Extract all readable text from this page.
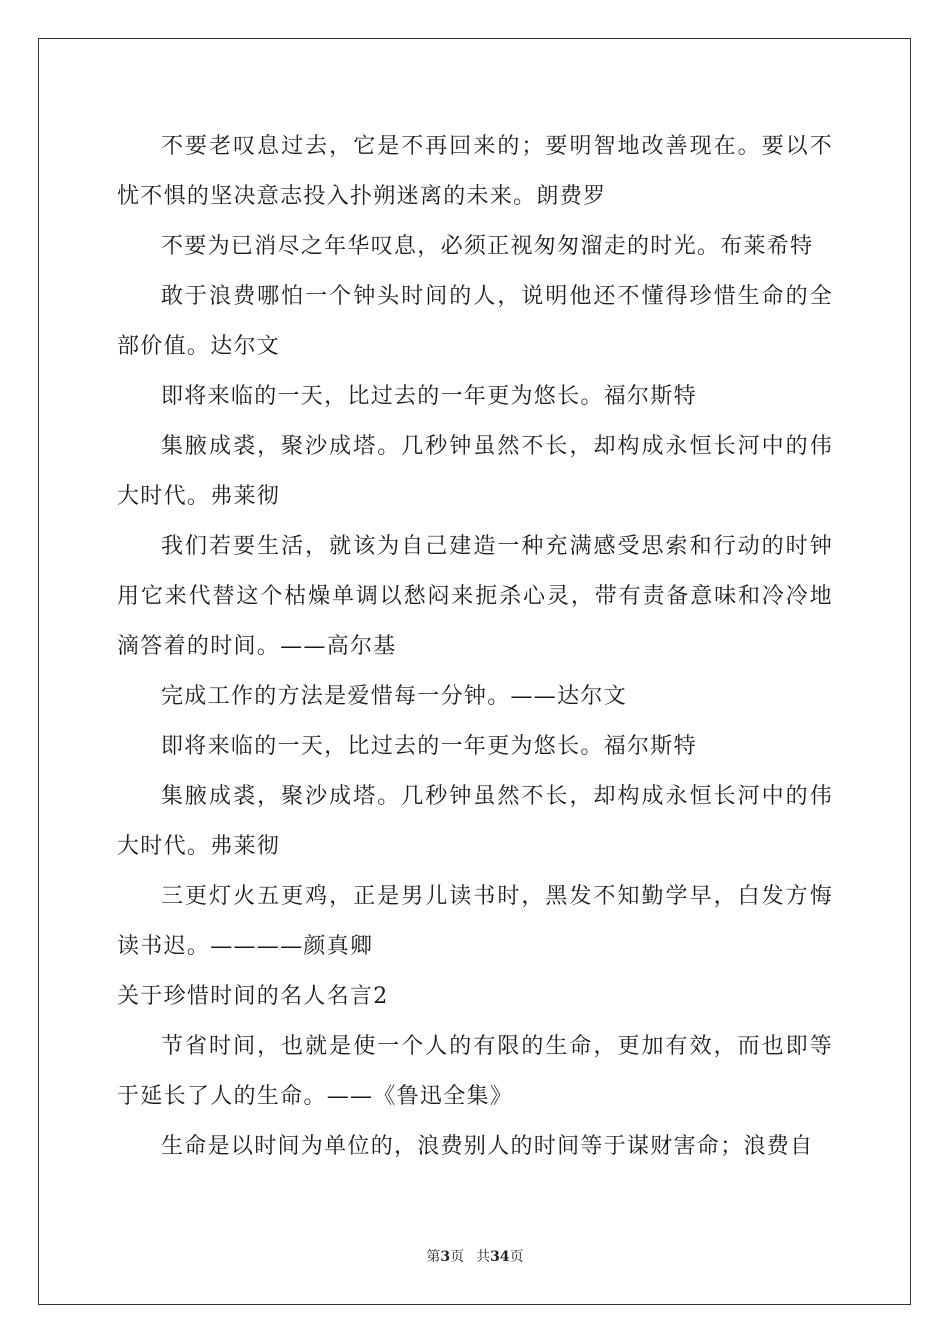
不要老叹息过去，它是不再回来的；要明智地改善现在。要以不忧不惧的坚决意志投入扑朔迷离的未来。朗费罗

不要为已消尽之年华叹息，必须正视匆匆溜走的时光。布莱希特

敢于浪费哪怕一个钟头时间的人，说明他还不懂得珍惜生命的全部价值。达尔文

即将来临的一天，比过去的一年更为悠长。福尔斯特

集腋成裘，聚沙成塔。几秒钟虽然不长，却构成永恒长河中的伟大时代。弗莱彻

我们若要生活，就该为自己建造一种充满感受思索和行动的时钟用它来代替这个枯燥单调以愁闷来扼杀心灵，带有责备意味和冷冷地滴答着的时间。——高尔基

完成工作的方法是爱惜每一分钟。——达尔文

即将来临的一天，比过去的一年更为悠长。福尔斯特

集腋成裘，聚沙成塔。几秒钟虽然不长，却构成永恒长河中的伟大时代。弗莱彻

三更灯火五更鸡，正是男儿读书时，黑发不知勤学早，白发方悔读书迟。————颜真卿

关于珍惜时间的名人名言2

节省时间，也就是使一个人的有限的生命，更加有效，而也即等于延长了人的生命。——《鲁迅全集》

生命是以时间为单位的，浪费别人的时间等于谋财害命；浪费自

第3页 共34页
